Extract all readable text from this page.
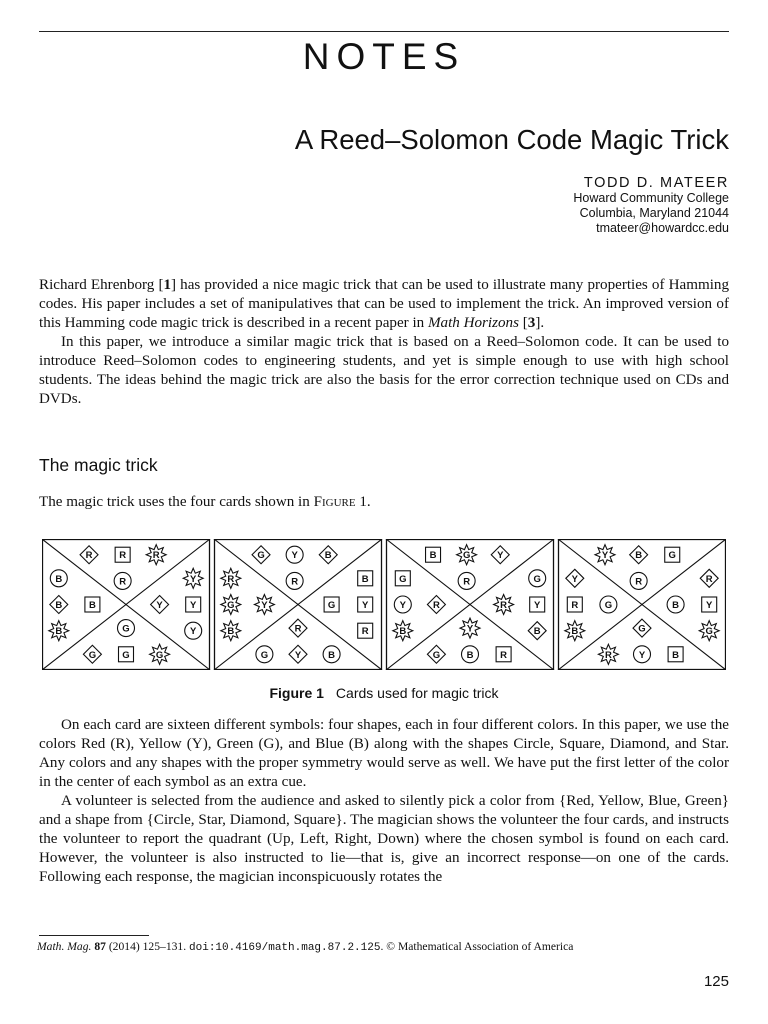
NOTES
A Reed–Solomon Code Magic Trick
TODD D. MATEER
Howard Community College
Columbia, Maryland 21044
tmateer@howardcc.edu

Richard Ehrenborg [1] has provided a nice magic trick that can be used to illustrate many properties of Hamming codes. His paper includes a set of manipulatives that can be used to implement the trick. An improved version of this Hamming code magic trick is described in a recent paper in Math Horizons [3].

In this paper, we introduce a similar magic trick that is based on a Reed–Solomon code. It can be used to introduce Reed–Solomon codes to engineering students, and yet is simple enough to use with high school students. The ideas behind the magic trick are also the basis for the error correction technique used on CDs and DVDs.

The magic trick

The magic trick uses the four cards shown in Figure 1.

R	R	R
R
B
B
B
B
Y
Y
Y
Y
G	G	G
G
G	Y	B
R
R
G
B
Y
B
Y
R
G
G	Y	B
R
B	G	Y
R
G
Y
B
R
G
Y
B
R
G	B	R
Y
Y	B	G
R
Y
R
B
G
R
Y
G
B
R	Y	B
G
Figure 1 Cards used for magic trick

On each card are sixteen different symbols: four shapes, each in four different colors. In this paper, we use the colors Red (R), Yellow (Y), Green (G), and Blue (B) along with the shapes Circle, Square, Diamond, and Star. Any colors and any shapes with the proper symmetry would serve as well. We have put the first letter of the color in the center of each symbol as an extra cue.

A volunteer is selected from the audience and asked to silently pick a color from {Red, Yellow, Blue, Green} and a shape from {Circle, Star, Diamond, Square}. The magician shows the volunteer the four cards, and instructs the volunteer to report the quadrant (Up, Left, Right, Down) where the chosen symbol is found on each card. However, the volunteer is also instructed to lie—that is, give an incorrect response—on one of the cards. Following each response, the magician inconspicuously rotates the

Math. Mag. 87 (2014) 125–131. doi:10.4169/math.mag.87.2.125. © Mathematical Association of America
125
